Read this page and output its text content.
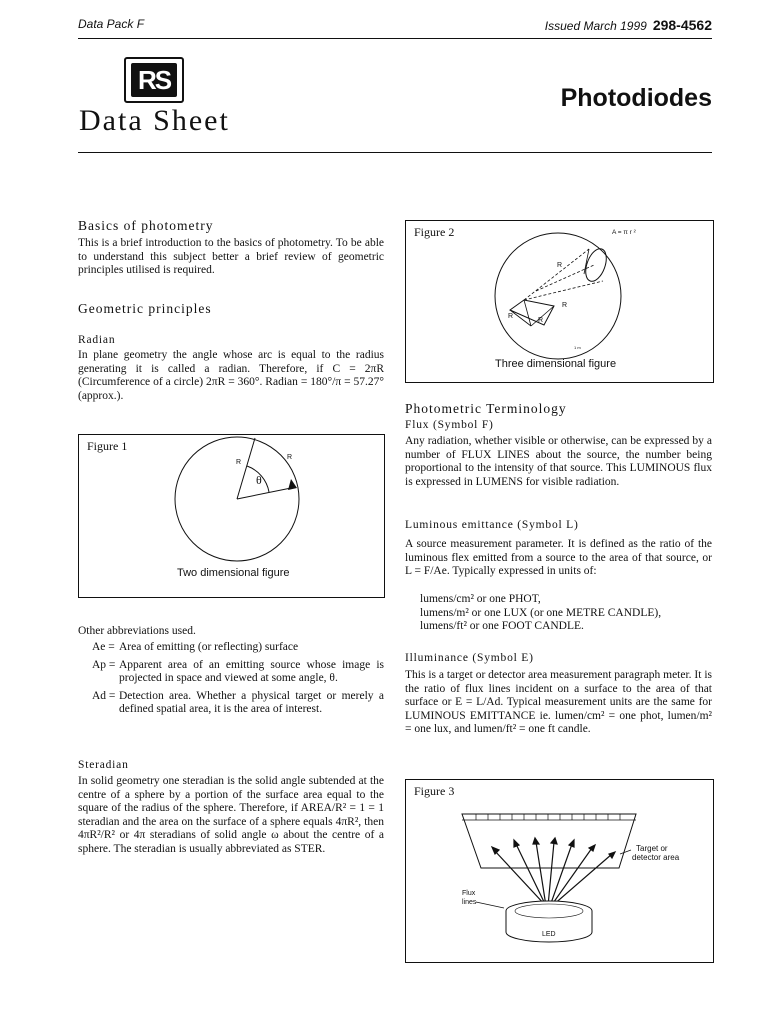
Data Pack F	Issued March 1999 298-4562
RS
Data Sheet
Photodiodes
Basics of photometry
This is a brief introduction to the basics of photometry. To be able to understand this subject better a brief review of geometric principles utilised is required.
Geometric principles
Radian
In plane geometry the angle whose arc is equal to the radius generating it is called a radian. Therefore, if C = 2πR (Circumference of a circle) 2πR = 360°. Radian = 180°/π = 57.27° (approx.).
Figure 1
R
R
θ
Two dimensional figure
Other abbreviations used.
Ae = Area of emitting (or reflecting) surface
Ap = Apparent area of an emitting source whose image is projected in space and viewed at some angle, θ.
Ad = Detection area. Whether a physical target or merely a defined spatial area, it is the area of interest.
Steradian
In solid geometry one steradian is the solid angle subtended at the centre of a sphere by a portion of the surface area equal to the square of the radius of the sphere. Therefore, if AREA/R² = 1 = 1 steradian and the area on the surface of a sphere equals 4πR², then 4πR²/R² or 4π steradians of solid angle ω about the centre of a sphere. The steradian is usually abbreviated as STER.
Figure 2	A = π r ²
R
R
R
R
1 m
Three dimensional figure
Photometric Terminology
Flux (Symbol F)
Any radiation, whether visible or otherwise, can be expressed by a number of FLUX LINES about the source, the number being proportional to the intensity of that source. This LUMINOUS flux is expressed in LUMENS for visible radiation.
Luminous emittance (Symbol L)
A source measurement parameter. It is defined as the ratio of the luminous flex emitted from a source to the area of that source, or L = F/Ae. Typically expressed in units of:
lumens/cm² or one PHOT,
lumens/m² or one LUX (or one METRE CANDLE),
lumens/ft² or one FOOT CANDLE.
Illuminance (Symbol E)
This is a target or detector area measurement paragraph meter. It is the ratio of flux lines incident on a surface to the area of that surface or E = L/Ad. Typical measurement units are the same for LUMINOUS EMITTANCE ie. lumen/cm² = one phot, lumen/m² = one lux, and lumen/ft² = one ft candle.
Figure 3
Target or
detector area
Flux
lines
LED
